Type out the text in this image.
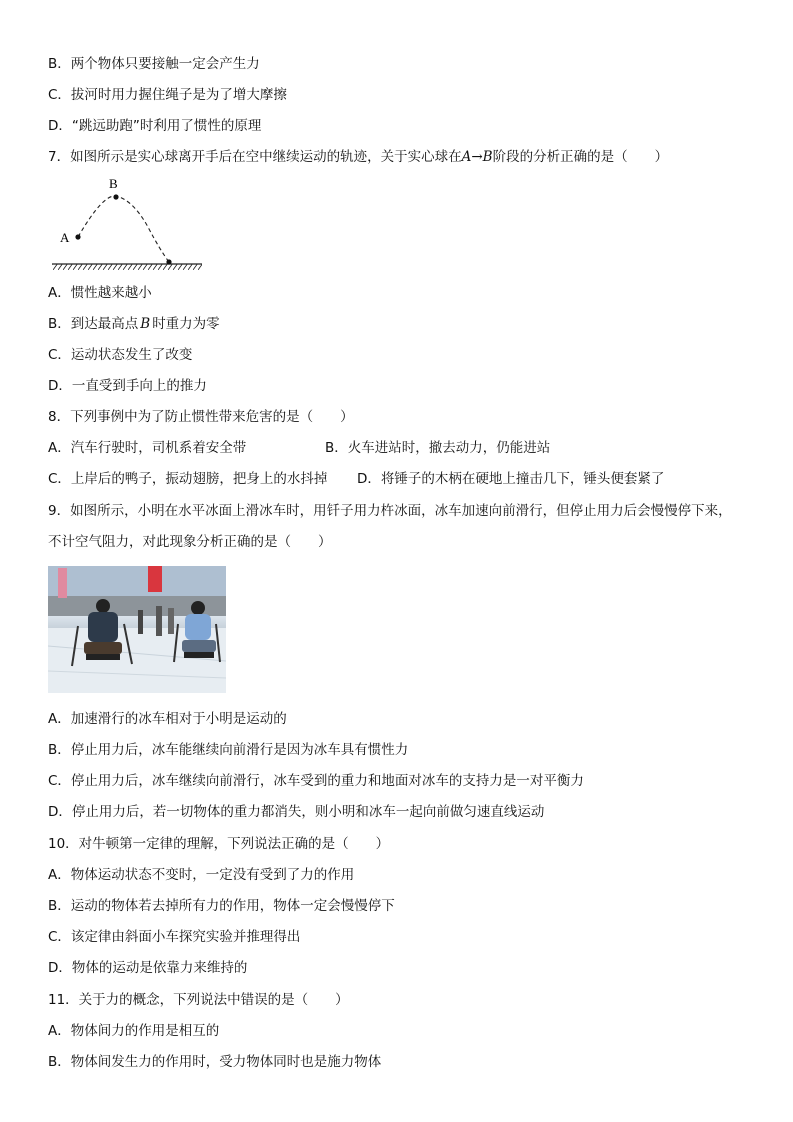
B．两个物体只要接触一定会产生力
C．拔河时用力握住绳子是为了增大摩擦
D．“跳远助跑”时利用了惯性的原理
7．如图所示是实心球离开手后在空中继续运动的轨迹，关于实心球在A→B阶段的分析正确的是（　　）
A
B
A．惯性越来越小
B．到达最高点 B 时重力为零
C．运动状态发生了改变
D．一直受到手向上的推力
8．下列事例中为了防止惯性带来危害的是（　　）
A．汽车行驶时，司机系着安全带	B．火车进站时，撤去动力，仍能进站
C．上岸后的鸭子，振动翅膀，把身上的水抖掉 D．将锤子的木柄在硬地上撞击几下，锤头便套紧了
9．如图所示，小明在水平冰面上滑冰车时，用钎子用力杵冰面，冰车加速向前滑行，但停止用力后会慢慢停下来，
不计空气阻力，对此现象分析正确的是（　　）
A．加速滑行的冰车相对于小明是运动的
B．停止用力后，冰车能继续向前滑行是因为冰车具有惯性力
C．停止用力后，冰车继续向前滑行，冰车受到的重力和地面对冰车的支持力是一对平衡力
D．停止用力后，若一切物体的重力都消失，则小明和冰车一起向前做匀速直线运动
10．对牛顿第一定律的理解，下列说法正确的是（　　）
A．物体运动状态不变时，一定没有受到了力的作用
B．运动的物体若去掉所有力的作用，物体一定会慢慢停下
C．该定律由斜面小车探究实验并推理得出
D．物体的运动是依靠力来维持的
11．关于力的概念，下列说法中错误的是（　　）
A．物体间力的作用是相互的
B．物体间发生力的作用时，受力物体同时也是施力物体
